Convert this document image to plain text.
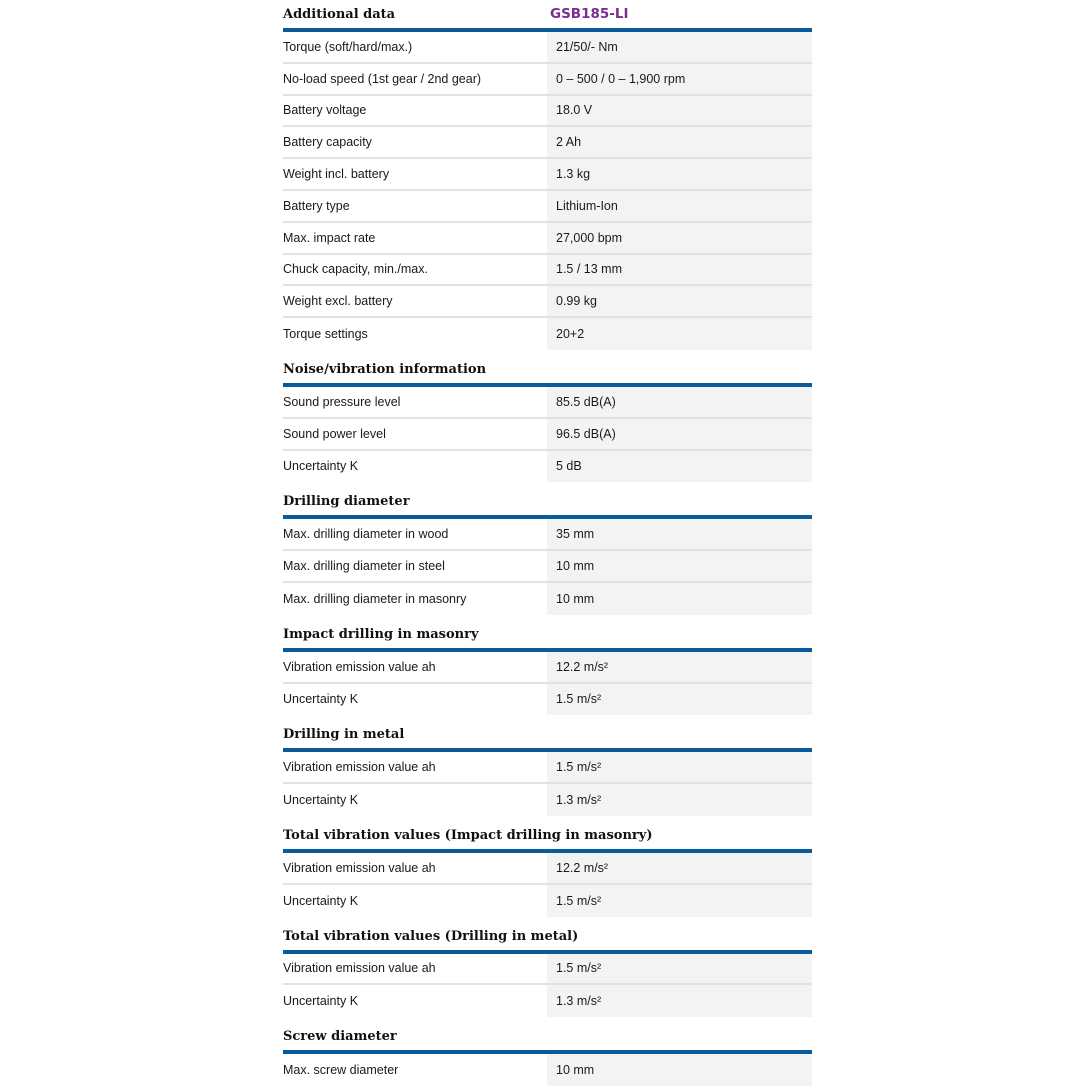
Additional data	GSB185-LI
Torque (soft/hard/max.)	21/50/- Nm
No-load speed (1st gear / 2nd gear)	0 – 500 / 0 – 1,900 rpm
Battery voltage	18.0 V
Battery capacity	2 Ah
Weight incl. battery	1.3 kg
Battery type	Lithium-Ion
Max. impact rate	27,000 bpm
Chuck capacity, min./max.	1.5 / 13 mm
Weight excl. battery	0.99 kg
Torque settings	20+2
Noise/vibration information
Sound pressure level	85.5 dB(A)
Sound power level	96.5 dB(A)
Uncertainty K	5 dB
Drilling diameter
Max. drilling diameter in wood	35 mm
Max. drilling diameter in steel	10 mm
Max. drilling diameter in masonry	10 mm
Impact drilling in masonry
Vibration emission value ah	12.2 m/s²
Uncertainty K	1.5 m/s²
Drilling in metal
Vibration emission value ah	1.5 m/s²
Uncertainty K	1.3 m/s²
Total vibration values (Impact drilling in masonry)
Vibration emission value ah	12.2 m/s²
Uncertainty K	1.5 m/s²
Total vibration values (Drilling in metal)
Vibration emission value ah	1.5 m/s²
Uncertainty K	1.3 m/s²
Screw diameter
Max. screw diameter	10 mm
